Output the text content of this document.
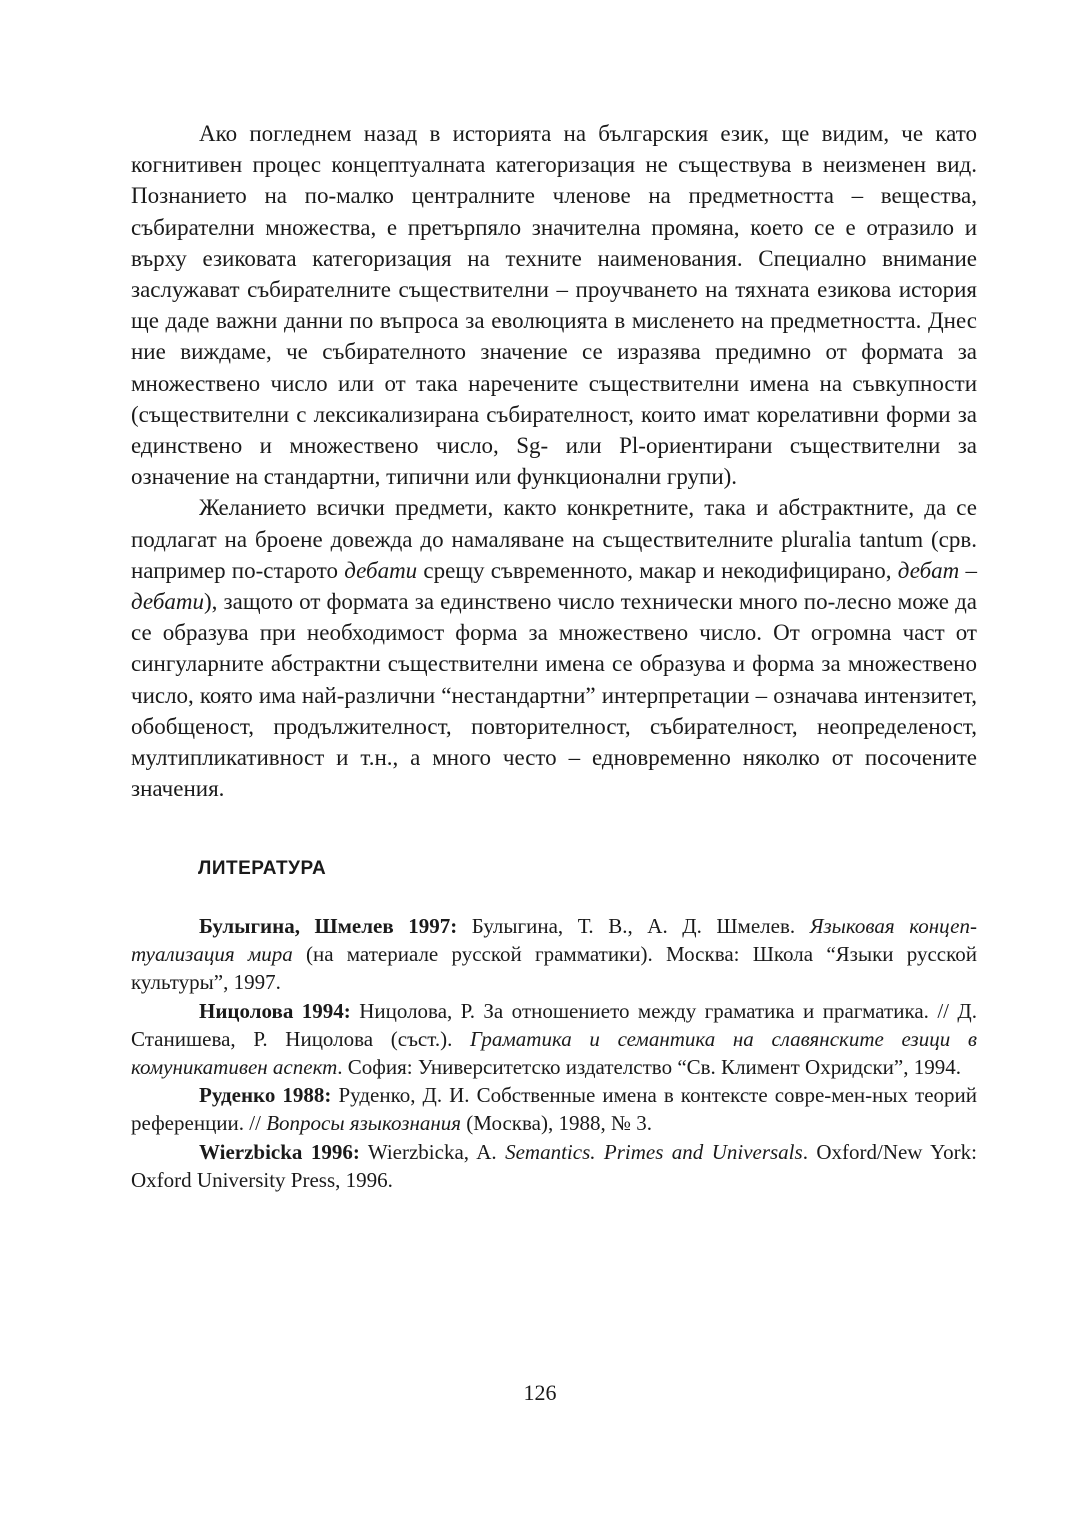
Ако погледнем назад в историята на българския език, ще видим, че като когнитивен процес концептуалната категоризация не съществува в неизменен вид. Познанието на по-малко централните членове на предметността – вещества, събирателни множества, е претърпяло значителна промяна, което се е отразило и върху езиковата категоризация на техните наименования. Специално внимание заслужават събирателните съществителни – проучването на тяхната езикова история ще даде важни данни по въпроса за еволюцията в мисленето на предметността. Днес ние виждаме, че събирателното значение се изразява предимно от формата за множествено число или от така наречените съществителни имена на съвкупности (съществителни с лексикализирана събирателност, които имат корелативни форми за единствено и множествено число, Sg- или Pl-ориентирани съществителни за означение на стандартни, типични или функционални групи).

Желанието всички предмети, както конкретните, така и абстрактните, да се подлагат на броене довежда до намаляване на съществителните pluralia tantum (срв. например по-старото дебати срещу съвременното, макар и некодифицирано, дебат – дебати), защото от формата за единствено число технически много по-лесно може да се образува при необходимост форма за множествено число. От огромна част от сингуларните абстрактни съществителни имена се образува и форма за множествено число, която има най-различни “нестандартни” интерпретации – означава интензитет, обобщеност, продължителност, повторителност, събирателност, неопределеност, мултипликативност и т.н., а много често – едновременно няколко от посочените значения.

ЛИТЕРАТУРА

Булыгина, Шмелев 1997: Булыгина, Т. В., А. Д. Шмелев. Языковая концептуализация мира (на материале русской грамматики). Москва: Школа “Языки русской культуры”, 1997.

Ницолова 1994: Ницолова, Р. За отношението между граматика и прагматика. // Д. Станишева, Р. Ницолова (съст.). Граматика и семантика на славянските езици в комуникативен аспект. София: Университетско издателство “Св. Климент Охридски”, 1994.

Руденко 1988: Руденко, Д. И. Собственные имена в контексте совре-мен-ных теорий референции. // Вопросы языкознания (Москва), 1988, № 3.

Wierzbicka 1996: Wierzbicka, A. Semantics. Primes and Universals. Oxford/New York: Oxford University Press, 1996.

126
